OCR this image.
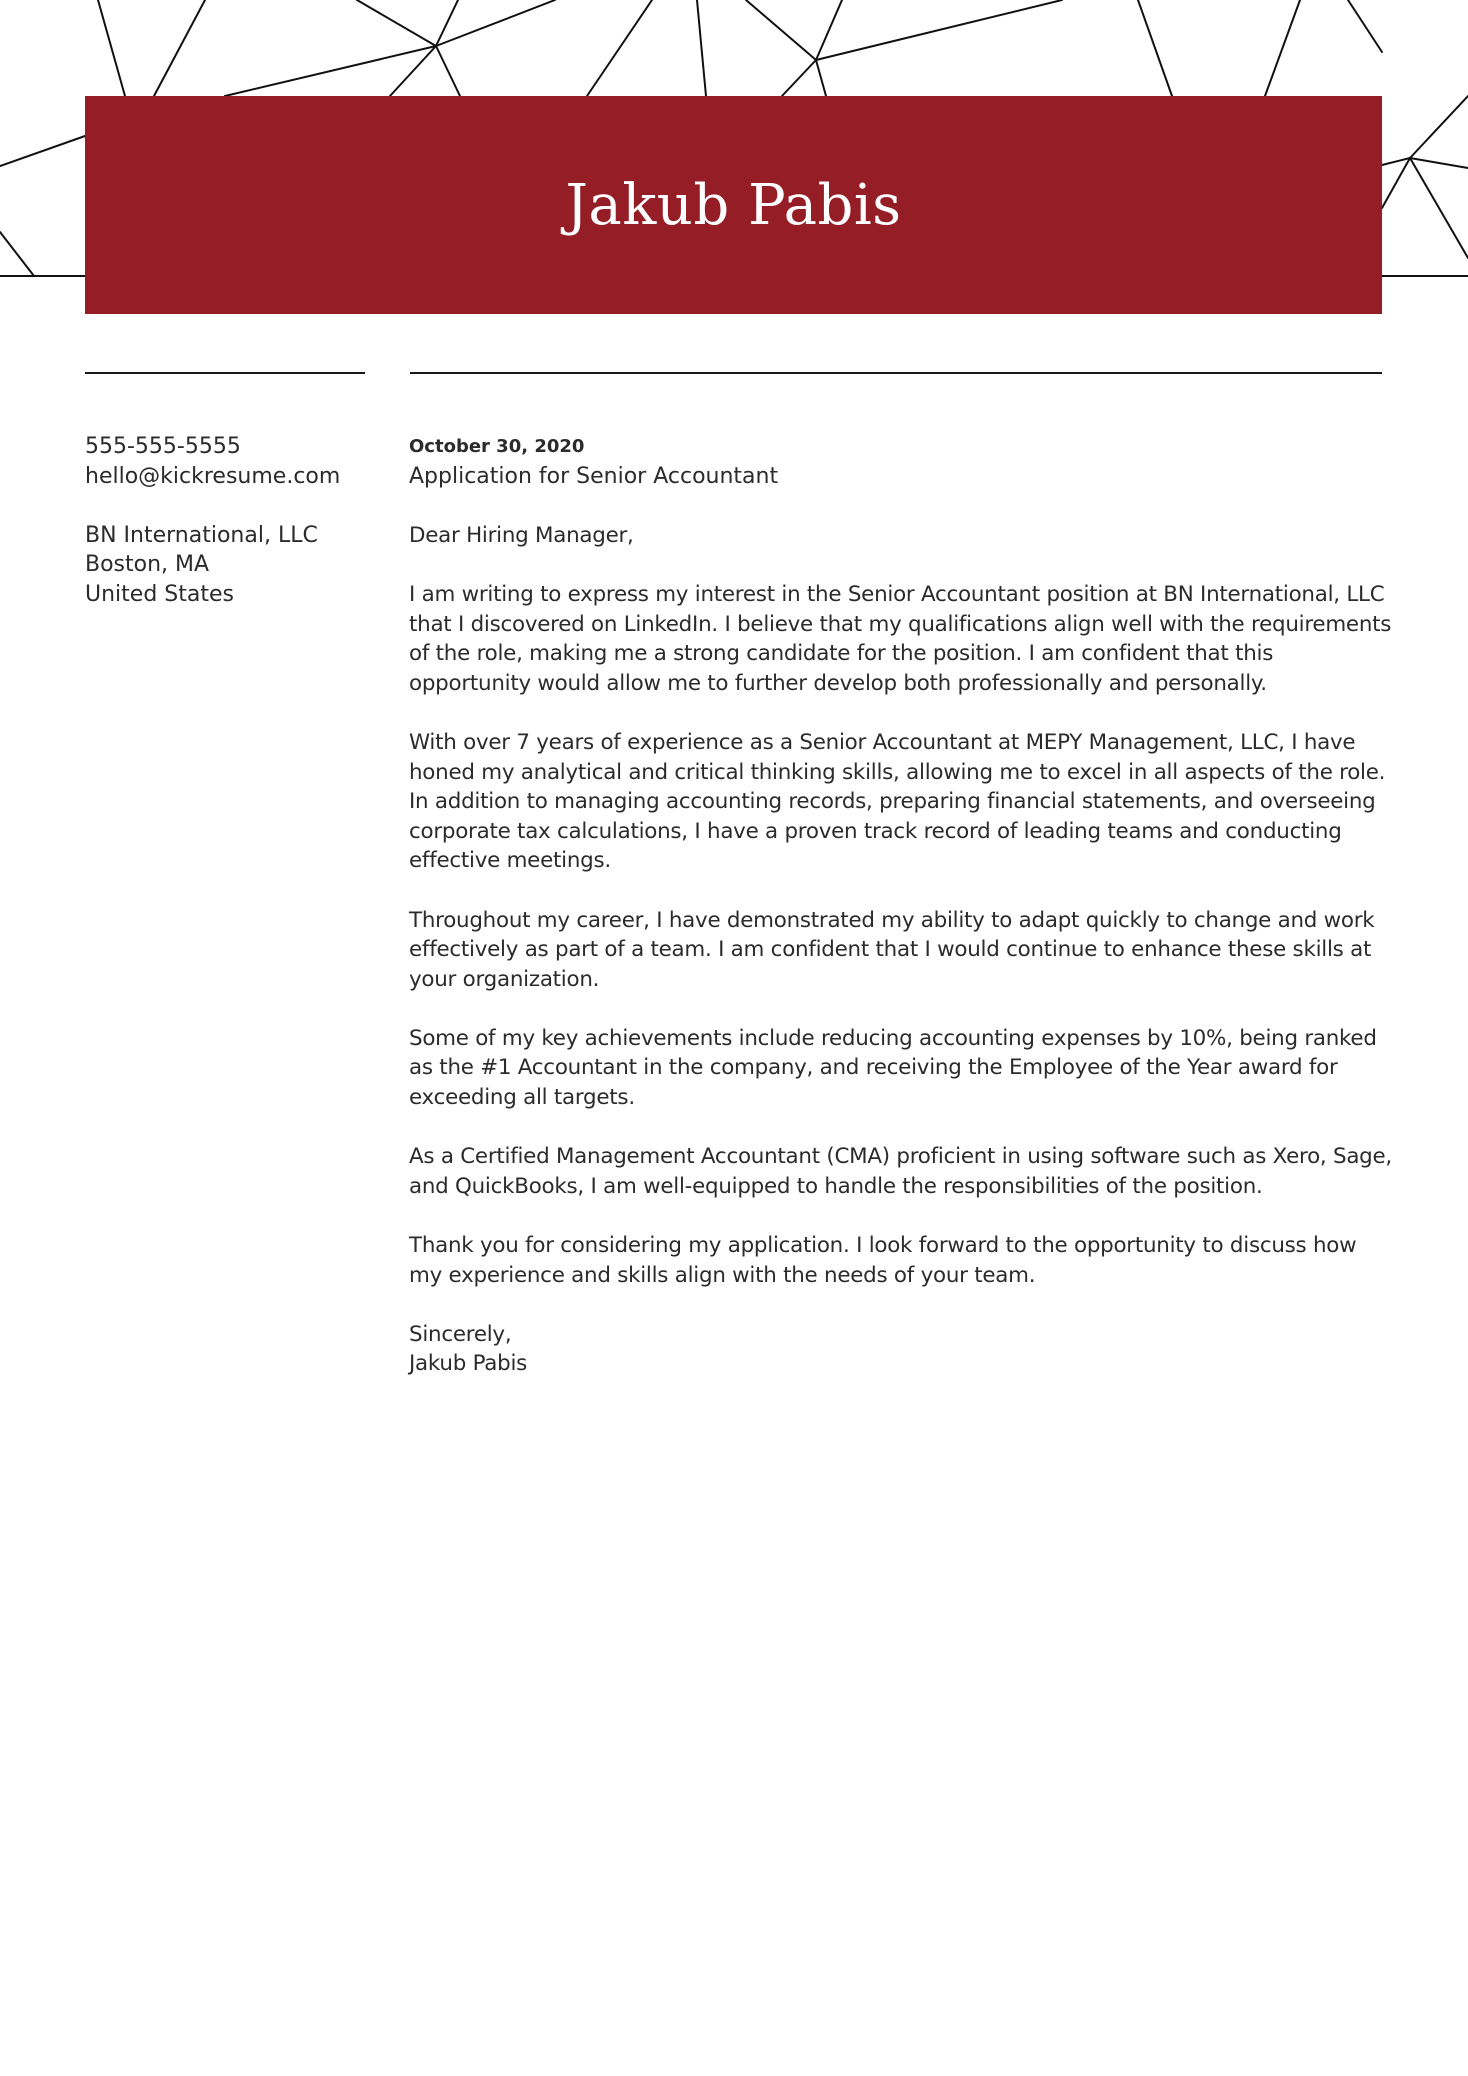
Jakub Pabis
555-555-5555
hello@kickresume.com
BN International, LLC
Boston, MA
United States
October 30, 2020
Application for Senior Accountant

Dear Hiring Manager,

I am writing to express my interest in the Senior Accountant position at BN International, LLC that I discovered on LinkedIn. I believe that my qualifications align well with the requirements of the role, making me a strong candidate for the position. I am confident that this opportunity would allow me to further develop both professionally and personally.

With over 7 years of experience as a Senior Accountant at MEPY Management, LLC, I have honed my analytical and critical thinking skills, allowing me to excel in all aspects of the role. In addition to managing accounting records, preparing financial statements, and overseeing corporate tax calculations, I have a proven track record of leading teams and conducting effective meetings.

Throughout my career, I have demonstrated my ability to adapt quickly to change and work effectively as part of a team. I am confident that I would continue to enhance these skills at your organization.

Some of my key achievements include reducing accounting expenses by 10%, being ranked as the #1 Accountant in the company, and receiving the Employee of the Year award for exceeding all targets.

As a Certified Management Accountant (CMA) proficient in using software such as Xero, Sage, and QuickBooks, I am well-equipped to handle the responsibilities of the position.

Thank you for considering my application. I look forward to the opportunity to discuss how my experience and skills align with the needs of your team.

Sincerely,
Jakub Pabis
